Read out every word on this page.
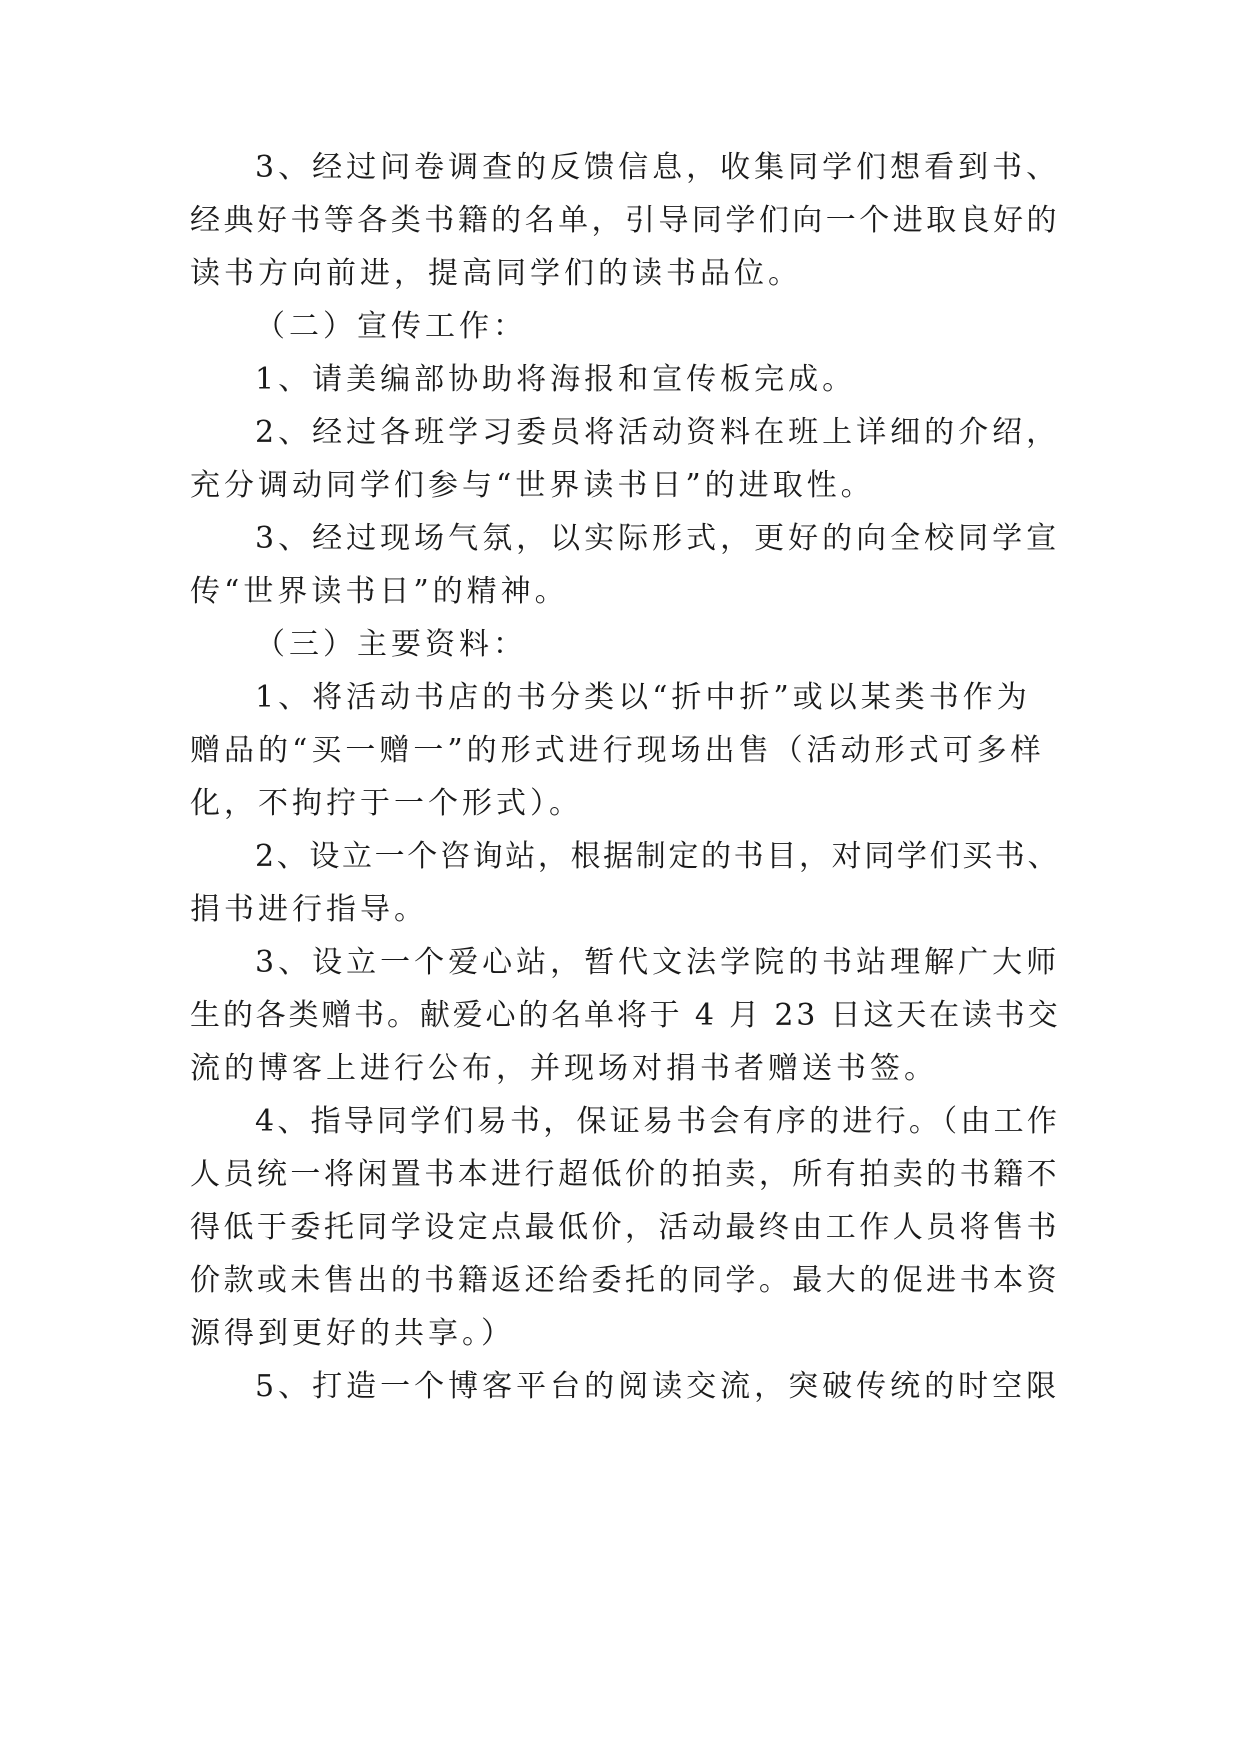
3、经过问卷调查的反馈信息，收集同学们想看到书、
经典好书等各类书籍的名单，引导同学们向一个进取良好的
读书方向前进，提高同学们的读书品位。
（二）宣传工作：
1、请美编部协助将海报和宣传板完成。
2、经过各班学习委员将活动资料在班上详细的介绍，
充分调动同学们参与“世界读书日”的进取性。
3、经过现场气氛，以实际形式，更好的向全校同学宣
传“世界读书日”的精神。
（三）主要资料：
1、将活动书店的书分类以“折中折”或以某类书作为
赠品的“买一赠一”的形式进行现场出售（活动形式可多样
化，不拘拧于一个形式）。
2、设立一个咨询站，根据制定的书目，对同学们买书、
捐书进行指导。
3、设立一个爱心站，暂代文法学院的书站理解广大师
生的各类赠书。献爱心的名单将于 4 月 23 日这天在读书交
流的博客上进行公布，并现场对捐书者赠送书签。
4、指导同学们易书，保证易书会有序的进行。（由工作
人员统一将闲置书本进行超低价的拍卖，所有拍卖的书籍不
得低于委托同学设定点最低价，活动最终由工作人员将售书
价款或未售出的书籍返还给委托的同学。最大的促进书本资
源得到更好的共享。）
5、打造一个博客平台的阅读交流，突破传统的时空限
